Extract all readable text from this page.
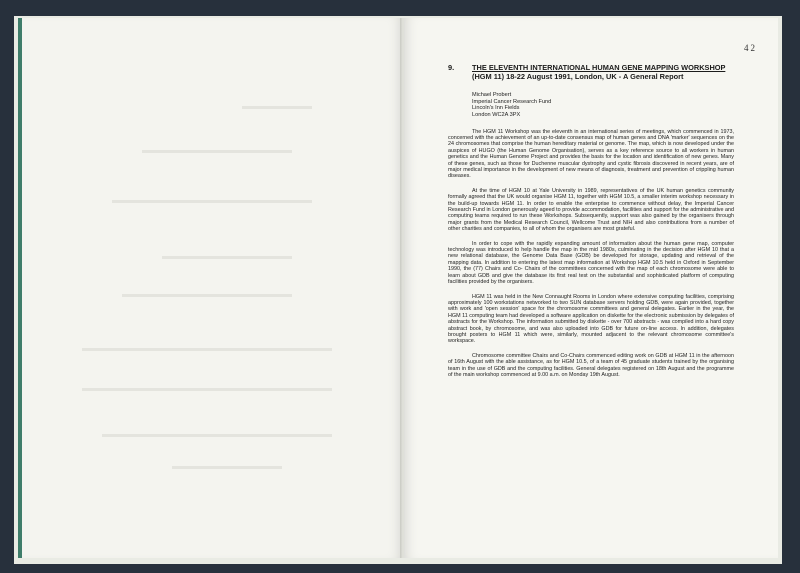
42
9.	THE ELEVENTH INTERNATIONAL HUMAN GENE MAPPING WORKSHOP (HGM 11) 18-22 August 1991, London, UK - A General Report
Michael Probert
Imperial Cancer Research Fund
Lincoln's Inn Fields
London WC2A 3PX

The HGM 11 Workshop was the eleventh in an international series of meetings, which commenced in 1973, concerned with the achievement of an up-to-date consensus map of human genes and DNA 'marker' sequences on the 24 chromosomes that comprise the human hereditary material or genome. The map, which is now developed under the auspices of HUGO (the Human Genome Organisation), serves as a key reference source to all workers in human genetics and the Human Genome Project and provides the basis for the location and identification of new genes. Many of these genes, such as those for Duchenne muscular dystrophy and cystic fibrosis discovered in recent years, are of major medical importance in the development of new means of diagnosis, treatment and prevention of crippling human diseases.

At the time of HGM 10 at Yale University in 1989, representatives of the UK human genetics community formally agreed that the UK would organise HGM 11, together with HGM 10.5, a smaller interim workshop necessary in the build-up towards HGM 11. In order to enable the enterprise to commence without delay, the Imperial Cancer Research Fund in London generously ageed to provide accommodation, facilities and support for the administrative and computing teams required to run these Workshops. Subsequently, support was also gained by the organisers through major grants from the Medical Research Council, Wellcome Trust and NIH and also contributions from a number of other charities and companies, to all of whom the organisers are most grateful.

In order to cope with the rapidly expanding amount of information about the human gene map, computer technology was introduced to help handle the map in the mid 1980s, culminating in the decision after HGM 10 that a new relational database, the Genome Data Base (GDB) be developed for storage, updating and retrieval of the mapping data. In addition to entering the latest map information at Workshop HGM 10.5 held in Oxford in September 1990, the (77) Chairs and Co- Chairs of the committees concerned with the map of each chromosome were able to learn about GDB and give the database its first real test on the substantial and sophisticated platform of computing facilities provided by the organisers.

HGM 11 was held in the New Connaught Rooms in London where extensive computing facilities, comprising approximately 100 workstations networked to two SUN database servers holding GDB, were again provided, together with work and 'open session' space for the chromosome committees and general delegates. Earlier in the year, the HGM 11 computing team had developed a software application on diskette for the electronic submission by delegates of abstracts for the Workshop. The information submitted by diskette - over 700 abstracts - was compiled into a hard copy abstract book, by chromosome, and was also uploaded into GDB for future on-line access. In addition, delegates brought posters to HGM 11 which were, similarly, mounted adjacent to the relevant chromosome committee's workspace.

Chromosome committee Chairs and Co-Chairs commenced editing work on GDB at HGM 11 in the afternoon of 16th August with the able assistance, as for HGM 10.5, of a team of 45 graduate students trained by the organising team in the use of GDB and the computing facilities. General delegates registered on 18th August and the programme of the main workshop commenced at 9.00 a.m. on Monday 19th August.
